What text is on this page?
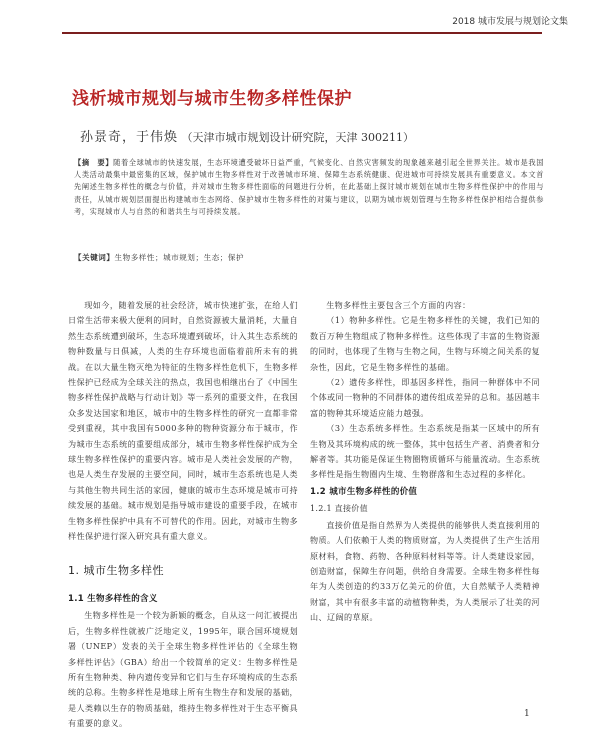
2018 城市发展与规划论文集
浅析城市规划与城市生物多样性保护
孙景奇，于伟焕 （天津市城市规划设计研究院，天津 300211）
【摘　要】随着全球城市的快速发展，生态环境遭受破坏日益严重，气候变化、自然灾害频发的现象越来越引起全世界关注。城市是我国人类活动最集中最密集的区域，保护城市生物多样性对于改善城市环境、保障生态系统健康、促进城市可持续发展具有重要意义。本文首先阐述生物多样性的概念与价值，并对城市生物多样性面临的问题进行分析，在此基础上探讨城市规划在城市生物多样性保护中的作用与责任，从城市规划层面提出构建城市生态网络、保护城市生物多样性的对策与建议，以期为城市规划管理与生物多样性保护相结合提供参考，实现城市人与自然的和谐共生与可持续发展。
【关键词】生物多样性；城市规划；生态；保护

现如今，随着发展的社会经济，城市快速扩张，在给人们日常生活带来极大便利的同时，自然资源被大量消耗，大量自然生态系统遭到破坏，生态环境遭到破坏，计入其生态系统的物种数量与日俱减，人类的生存环境也面临着前所未有的挑战。在以大量生物灭绝为特征的生物多样性危机下，生物多样性保护已经成为全球关注的热点，我国也相继出台了《中国生物多样性保护战略与行动计划》等一系列的重要文件，在我国众多发达国家和地区，城市中的生物多样性的研究一直都非常受到重视，其中我国有5000多种的物种资源分布于城市，作为城市生态系统的重要组成部分，城市生物多样性保护成为全球生物多样性保护的重要内容。城市是人类社会发展的产物，也是人类生存发展的主要空间，同时，城市生态系统也是人类与其他生物共同生活的家园，健康的城市生态环境是城市可持续发展的基础。城市规划是指导城市建设的重要手段，在城市生物多样性保护中具有不可替代的作用。因此，对城市生物多样性保护进行深入研究具有重大意义。

1. 城市生物多样性
1.1 生物多样性的含义

生物多样性是一个较为新颖的概念，自从这一问汇被提出后，生物多样性就被广泛地定义，1995年，联合国环境规划署（UNEP）发表的关于全球生物多样性评估的《全球生物多样性评估》（GBA）给出一个较简单的定义：生物多样性是所有生物种类、种内遗传变异和它们与生存环境构成的生态系统的总称。生物多样性是地球上所有生物生存和发展的基础，是人类赖以生存的物质基础，维持生物多样性对于生态平衡具有重要的意义。

生物多样性主要包含三个方面的内容：

（1）物种多样性。它是生物多样性的关键，我们已知的数百万种生物组成了物种多样性。这些体现了丰富的生物资源的同时，也体现了生物与生物之间，生物与环境之间关系的复杂性，因此，它是生物多样性的基础。

（2）遗传多样性，即基因多样性，指同一种群体中不同个体或同一物种的不同群体的遗传组成差异的总和。基因越丰富的物种其环境适应能力越强。

（3）生态系统多样性。生态系统是指某一区域中的所有生物及其环境构成的统一整体，其中包括生产者、消费者和分解者等。其功能是保证生物圈物质循环与能量流动。生态系统多样性是指生物圈内生境、生物群落和生态过程的多样化。

1.2 城市生物多样性的价值
1.2.1 直接价值

直接价值是指自然界为人类提供的能够供人类直接利用的物质。人们依赖于人类的物质财富，为人类提供了生产生活用原材料，食物、药物、各种原料材料等等。计人类建设家园，创造财富，保障生存问题，供给自身需要。全球生物多样性每年为人类创造的约33万亿美元的价值，大自然赋予人类精神财富，其中有很多丰富的动植物种类，为人类展示了壮美的河山、辽阔的草原。

1
